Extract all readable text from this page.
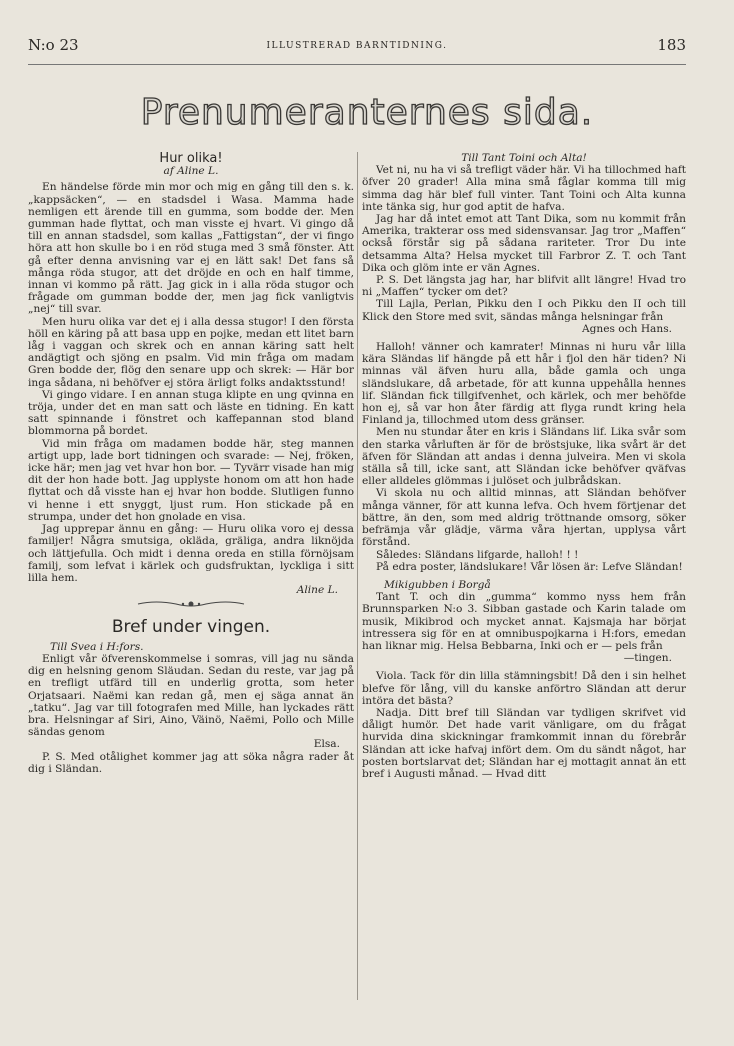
N:o 23	ILLUSTRERAD BARNTIDNING.	183
Prenumeranternes sida.
Hur olika!
af Aline L.

En händelse förde min mor och mig en gång till den s. k. „kappsäcken“, — en stadsdel i Wasa. Mamma hade nemligen ett ärende till en gumma, som bodde der. Men gumman hade flyttat, och man visste ej hvart. Vi gingo då till en annan stadsdel, som kallas „Fattigstan“, der vi fingo höra att hon skulle bo i en röd stuga med 3 små fönster. Att gå efter denna anvisning var ej en lätt sak! Det fans så många röda stugor, att det dröjde en och en half timme, innan vi kommo på rätt. Jag gick in i alla röda stugor och frågade om gumman bodde der, men jag fick vanligtvis „nej“ till svar.

Men huru olika var det ej i alla dessa stugor! I den första höll en käring på att basa upp en pojke, medan ett litet barn låg i vaggan och skrek och en annan käring satt helt andägtigt och sjöng en psalm. Vid min fråga om madam Gren bodde der, flög den senare upp och skrek: — Här bor inga sådana, ni behöfver ej störa ärligt folks andaktsstund!

Vi gingo vidare. I en annan stuga klipte en ung qvinna en tröja, under det en man satt och läste en tidning. En katt satt spinnande i fönstret och kaffepannan stod bland blommorna på bordet.

Vid min fråga om madamen bodde här, steg mannen artigt upp, lade bort tidningen och svarade: — Nej, fröken, icke här; men jag vet hvar hon bor. — Tyvärr visade han mig dit der hon hade bott. Jag upplyste honom om att hon hade flyttat och då visste han ej hvar hon bodde. Slutligen funno vi henne i ett snyggt, ljust rum. Hon stickade på en strumpa, under det hon gnolade en visa.

Jag upprepar ännu en gång: — Huru olika voro ej dessa familjer! Några smutsiga, okläda, gräliga, andra liknöjda och lättjefulla. Och midt i denna oreda en stilla förnöjsam familj, som lefvat i kärlek och gudsfruktan, lyckliga i sitt lilla hem.

Aline L.
Bref under vingen.

Till Svea i H:fors.

Enligt vår öfverenskommelse i somras, vill jag nu sända dig en helsning genom Släudan. Sedan du reste, var jag på en trefligt utfärd till en underlig grotta, som heter Orjatsaari. Naëmi kan redan gå, men ej säga annat än „tatku“. Jag var till fotografen med Mille, han lyckades rätt bra. Helsningar af Siri, Aino, Väinö, Naëmi, Pollo och Mille sändas genom

Elsa.

P. S. Med otålighet kommer jag att söka några rader åt dig i Sländan.

Till Tant Toini och Alta!

Vet ni, nu ha vi så trefligt väder här. Vi ha tillochmed haft öfver 20 grader! Alla mina små fåglar komma till mig simma dag här blef full vinter. Tant Toini och Alta kunna inte tänka sig, hur god aptit de hafva.

Jag har då intet emot att Tant Dika, som nu kommit från Amerika, trakterar oss med sidensvansar. Jag tror „Maffen“ också förstår sig på sådana rariteter. Tror Du inte detsamma Alta? Helsa mycket till Farbror Z. T. och Tant Dika och glöm inte er vän Agnes.

P. S. Det längsta jag har, har blifvit allt längre! Hvad tro ni „Maffen“ tycker om det?

Till Lajla, Perlan, Pikku den I och Pikku den II och till Klick den Store med svit, sändas många helsningar från

Agnes och Hans.

Halloh! vänner och kamrater! Minnas ni huru vår lilla kära Sländas lif hängde på ett hår i fjol den här tiden? Ni minnas väl äfven huru alla, både gamla och unga sländslukare, då arbetade, för att kunna uppehålla hennes lif. Sländan fick tillgifvenhet, och kärlek, och mer behöfde hon ej, så var hon åter färdig att flyga rundt kring hela Finland ja, tillochmed utom dess gränser.

Men nu stundar åter en kris i Sländans lif. Lika svår som den starka vårluften är för de bröstsjuke, lika svårt är det äfven för Sländan att andas i denna julveira. Men vi skola ställa så till, icke sant, att Sländan icke behöfver qväfvas eller alldeles glömmas i julöset och julbrådskan.

Vi skola nu och alltid minnas, att Sländan behöfver många vänner, för att kunna lefva. Och hvem förtjenar det bättre, än den, som med aldrig tröttnande omsorg, söker befrämja vår glädje, värma våra hjertan, upplysa vårt förstånd.

Således: Sländans lifgarde, halloh! ! !

På edra poster, ländslukare! Vår lösen är: Lefve Sländan!

Mikigubben i Borgå

Tant T. och din „gumma“ kommo nyss hem från Brunnsparken N:o 3. Sibban gastade och Karin talade om musik, Mikibrod och mycket annat. Kajsmaja har börjat intressera sig för en at omnibuspojkarna i H:fors, emedan han liknar mig. Helsa Bebbarna, Inki och er — pels från

—tingen.

Viola. Tack för din lilla stämningsbit! Då den i sin helhet blefve för lång, vill du kanske anförtro Sländan att derur intöra det bästa?

Nadja. Ditt bref till Sländan var tydligen skrifvet vid dåligt humör. Det hade varit vänligare, om du frågat hurvida dina skickningar framkommit innan du förebrår Sländan att icke hafvaj infört dem. Om du sändt något, har posten bortslarvat det; Sländan har ej mottagit annat än ett bref i Augusti månad. — Hvad ditt
